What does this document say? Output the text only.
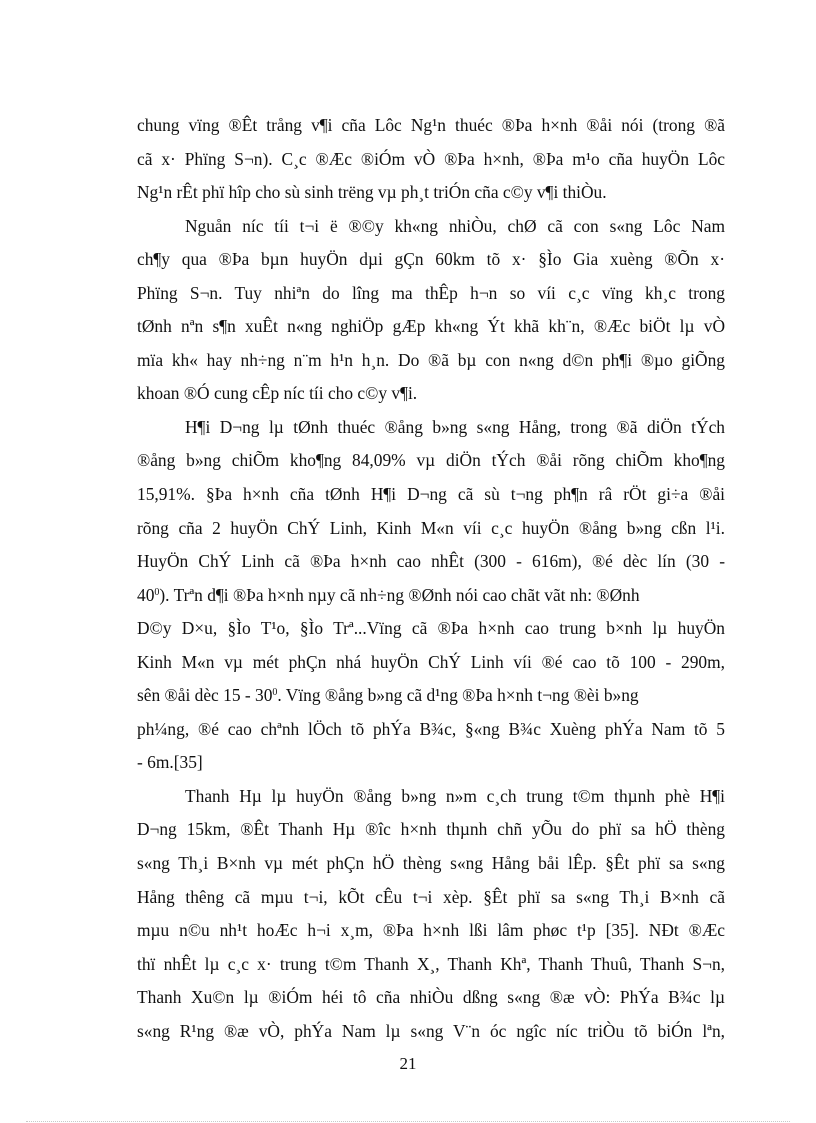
chung vïng ®Êt trång v¶i cña Lôc Ng¹n thuéc ®Þa h×nh ®åi nói (trong ®ã
cã x· Phïng S¬n). C¸c ®Æc ®iÓm vÒ ®Þa h×nh, ®Þa m¹o cña huyÖn Lôc
Ng¹n rÊt phï hîp cho sù sinh trëng vµ ph¸t triÓn cña c©y v¶i thiÒu.
Nguån níc tíi t¬i ë ®©y kh«ng nhiÒu, chØ cã con s«ng Lôc Nam
ch¶y qua ®Þa bµn huyÖn dµi gÇn 60km tõ x· §Ìo Gia xuèng ®Õn x·
Phïng S¬n. Tuy nhiªn do lîng ma thÊp h¬n so víi c¸c vïng kh¸c trong
tØnh nªn s¶n xuÊt n«ng nghiÖp gÆp kh«ng Ýt khã kh¨n, ®Æc biÖt lµ vÒ
mïa kh« hay nh÷ng n¨m h¹n h¸n. Do ®ã bµ con n«ng d©n ph¶i ®µo giÕng
khoan ®Ó cung cÊp níc tíi cho c©y v¶i.
H¶i D¬ng lµ tØnh thuéc ®ång b»ng s«ng Hång, trong ®ã diÖn tÝch
®ång b»ng chiÕm kho¶ng 84,09% vµ diÖn tÝch ®åi rõng chiÕm kho¶ng
15,91%. §Þa h×nh cña tØnh H¶i D¬ng cã sù t¬ng ph¶n râ rÖt gi÷a ®åi
rõng cña 2 huyÖn ChÝ Linh, Kinh M«n víi c¸c huyÖn ®ång b»ng cßn l¹i.
HuyÖn ChÝ Linh cã ®Þa h×nh cao nhÊt (300 - 616m), ®é dèc lín (30 -
$40^0$). Trªn d¶i ®Þa h×nh nµy cã nh÷ng ®Ønh nói cao chãt vãt nh: ®Ønh
D©y D×u, §Ìo T¹o, §Ìo Trª...Vïng cã ®Þa h×nh cao trung b×nh lµ huyÖn
Kinh M«n vµ mét phÇn nhá huyÖn ChÝ Linh víi ®é cao tõ 100 - 290m,
sên ®åi dèc $15 - 30^0$. Vïng ®ång b»ng cã d¹ng ®Þa h×nh t¬ng ®èi b»ng
ph¼ng, ®é cao chªnh lÖch tõ phÝa B¾c, §«ng B¾c Xuèng phÝa Nam tõ 5
- 6m.[35]
Thanh Hµ lµ huyÖn ®ång b»ng n»m c¸ch trung t©m thµnh phè H¶i
D¬ng 15km, ®Êt Thanh Hµ ®îc h×nh thµnh chñ yÕu do phï sa hÖ thèng
s«ng Th¸i B×nh vµ mét phÇn hÖ thèng s«ng Hång båi lÊp. §Êt phï sa s«ng
Hång thêng cã mµu t¬i, kÕt cÊu t¬i xèp. §Êt phï sa s«ng Th¸i B×nh cã
mµu n©u nh¹t hoÆc h¬i x¸m, ®Þa h×nh lßi lâm phøc t¹p [35]. NÐt ®Æc
thï nhÊt lµ c¸c x· trung t©m Thanh X¸, Thanh Khª, Thanh Thuû, Thanh S¬n,
Thanh Xu©n lµ ®iÓm héi tô cña nhiÒu dßng s«ng ®æ vÒ: PhÝa B¾c lµ
s«ng R¹ng ®æ vÒ, phÝa Nam lµ s«ng V¨n óc ngîc níc triÒu tõ biÓn lªn,
21
